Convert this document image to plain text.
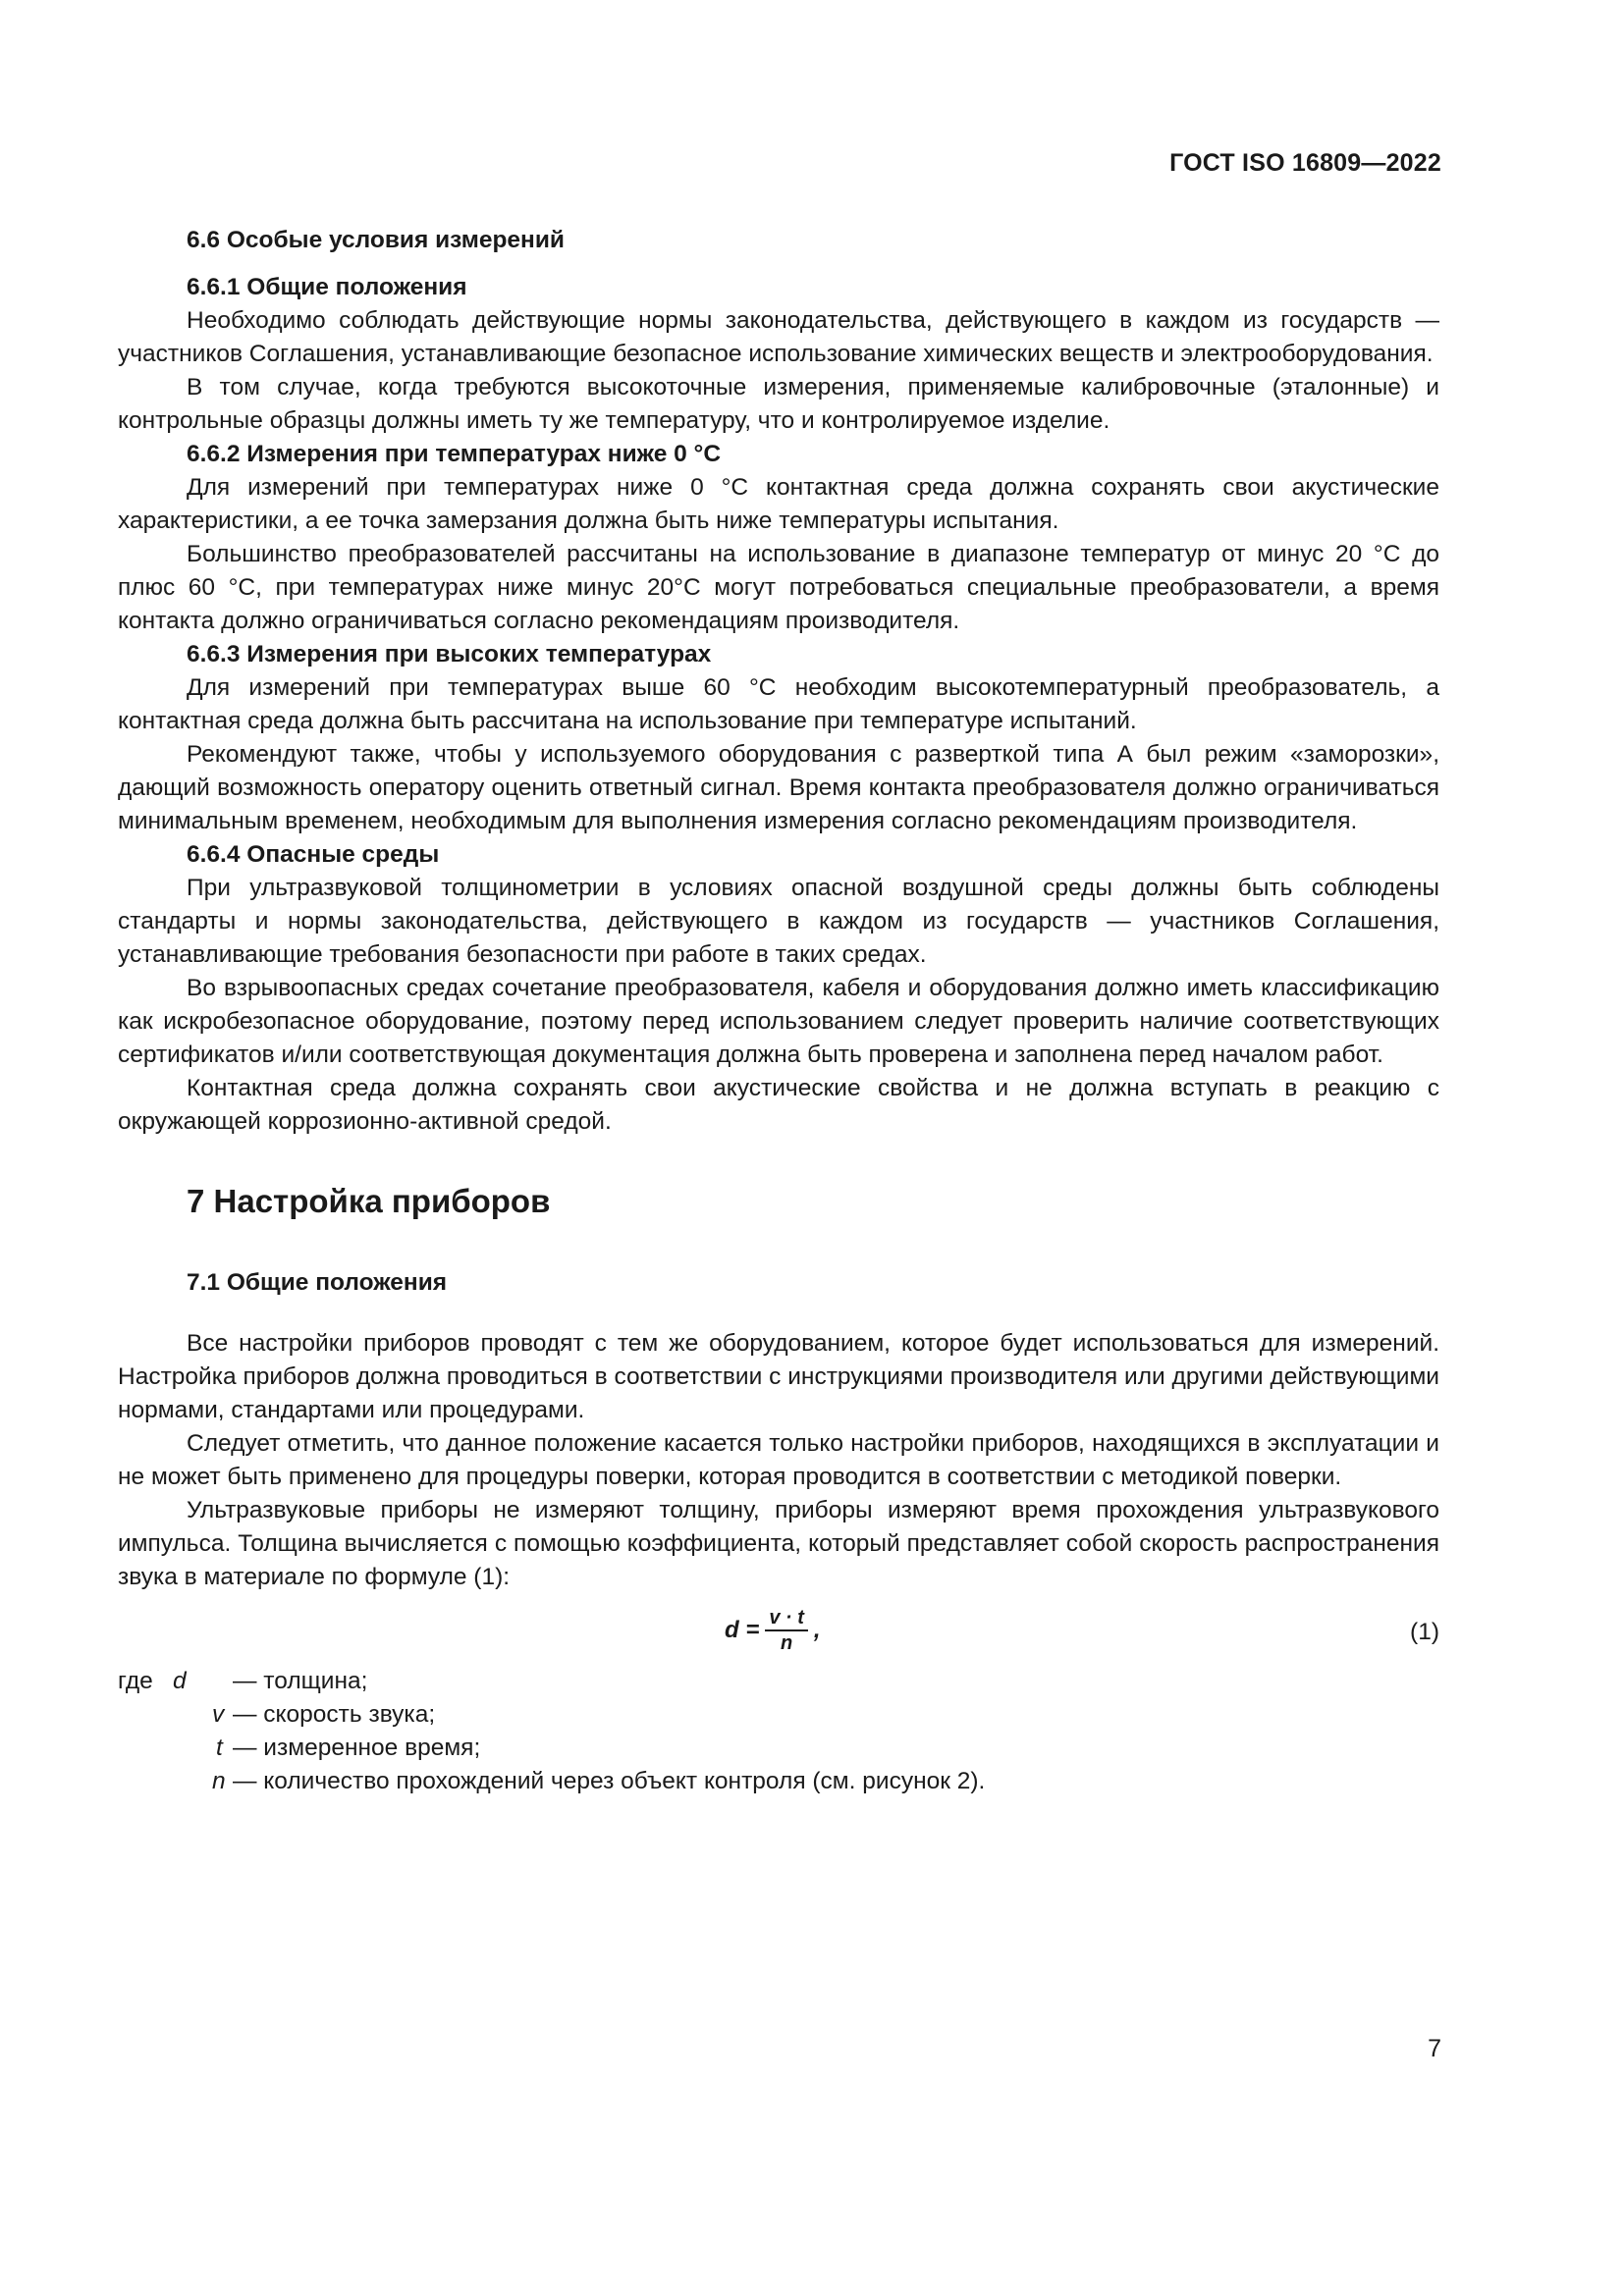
ГОСТ ISO 16809—2022
6.6 Особые условия измерений
6.6.1 Общие положения
Необходимо соблюдать действующие нормы законодательства, действующего в каждом из государств — участников Соглашения, устанавливающие безопасное использование химических веществ и электрооборудования.
В том случае, когда требуются высокоточные измерения, применяемые калибровочные (эталонные) и контрольные образцы должны иметь ту же температуру, что и контролируемое изделие.
6.6.2 Измерения при температурах ниже 0 °С
Для измерений при температурах ниже 0 °С контактная среда должна сохранять свои акустические характеристики, а ее точка замерзания должна быть ниже температуры испытания.
Большинство преобразователей рассчитаны на использование в диапазоне температур от минус 20 °С до плюс 60 °С, при температурах ниже минус 20°С могут потребоваться специальные преобразователи, а время контакта должно ограничиваться согласно рекомендациям производителя.
6.6.3 Измерения при высоких температурах
Для измерений при температурах выше 60 °С необходим высокотемпературный преобразователь, а контактная среда должна быть рассчитана на использование при температуре испытаний.
Рекомендуют также, чтобы у используемого оборудования с разверткой типа А был режим «заморозки», дающий возможность оператору оценить ответный сигнал. Время контакта преобразователя должно ограничиваться минимальным временем, необходимым для выполнения измерения согласно рекомендациям производителя.
6.6.4 Опасные среды
При ультразвуковой толщинометрии в условиях опасной воздушной среды должны быть соблюдены стандарты и нормы законодательства, действующего в каждом из государств — участников Соглашения, устанавливающие требования безопасности при работе в таких средах.
Во взрывоопасных средах сочетание преобразователя, кабеля и оборудования должно иметь классификацию как искробезопасное оборудование, поэтому перед использованием следует проверить наличие соответствующих сертификатов и/или соответствующая документация должна быть проверена и заполнена перед началом работ.
Контактная среда должна сохранять свои акустические свойства и не должна вступать в реакцию с окружающей коррозионно-активной средой.
7 Настройка приборов
7.1 Общие положения
Все настройки приборов проводят с тем же оборудованием, которое будет использоваться для измерений. Настройка приборов должна проводиться в соответствии с инструкциями производителя или другими действующими нормами, стандартами или процедурами.
Следует отметить, что данное положение касается только настройки приборов, находящихся в эксплуатации и не может быть применено для процедуры поверки, которая проводится в соответствии с методикой поверки.
Ультразвуковые приборы не измеряют толщину, приборы измеряют время прохождения ультразвукового импульса. Толщина вычисляется с помощью коэффициента, который представляет собой скорость распространения звука в материале по формуле (1):
$d = \frac{v \cdot t}{n}$ ,	(1)
где d — толщина;
v — скорость звука;
t — измеренное время;
n — количество прохождений через объект контроля (см. рисунок 2).
7
